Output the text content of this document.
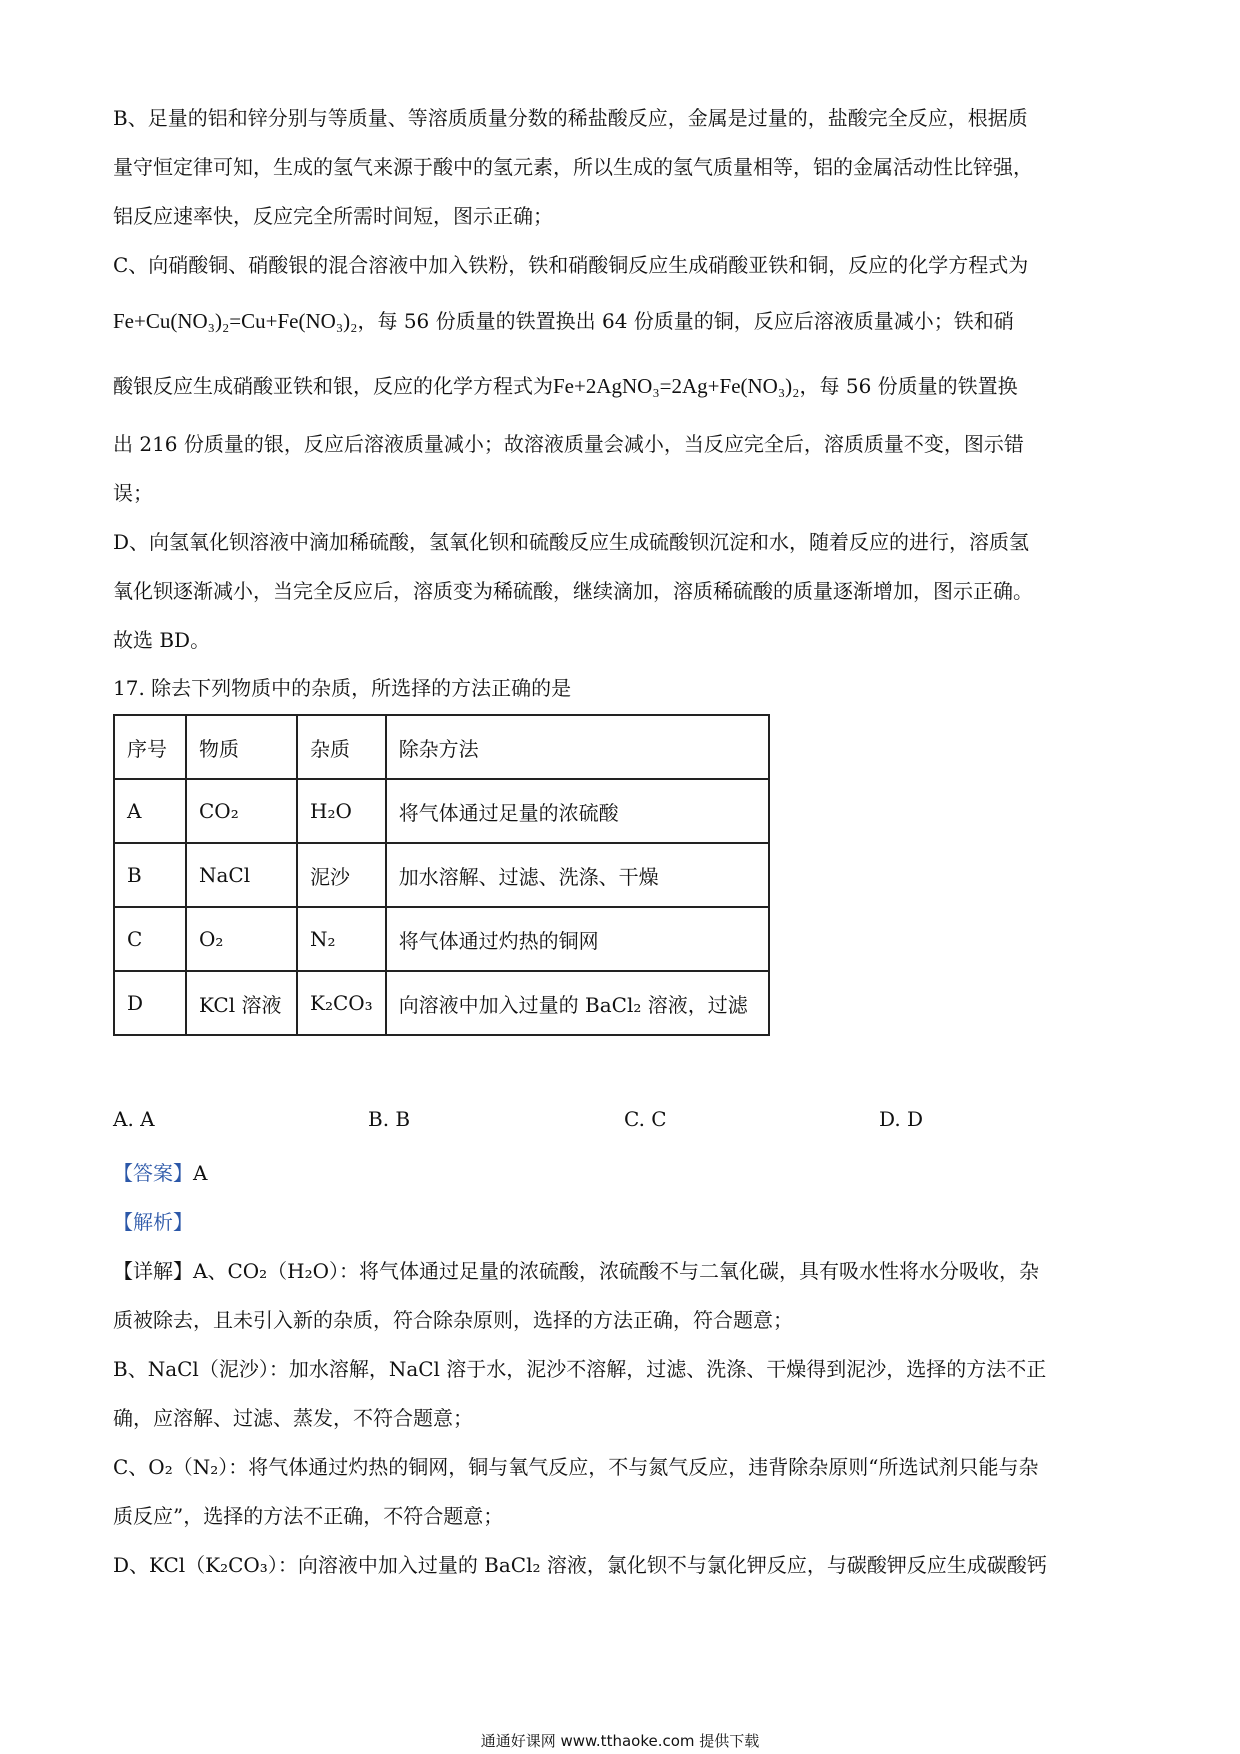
B、足量的铝和锌分别与等质量、等溶质质量分数的稀盐酸反应，金属是过量的，盐酸完全反应，根据质
量守恒定律可知，生成的氢气来源于酸中的氢元素，所以生成的氢气质量相等，铝的金属活动性比锌强，
铝反应速率快，反应完全所需时间短，图示正确；
C、向硝酸铜、硝酸银的混合溶液中加入铁粉，铁和硝酸铜反应生成硝酸亚铁和铜，反应的化学方程式为
Fe+Cu(NO₃)₂=Cu+Fe(NO₃)₂，每 56 份质量的铁置换出 64 份质量的铜，反应后溶液质量减小；铁和硝
酸银反应生成硝酸亚铁和银，反应的化学方程式为Fe+2AgNO₃=2Ag+Fe(NO₃)₂，每 56 份质量的铁置换
出 216 份质量的银，反应后溶液质量减小；故溶液质量会减小，当反应完全后，溶质质量不变，图示错
误；
D、向氢氧化钡溶液中滴加稀硫酸，氢氧化钡和硫酸反应生成硫酸钡沉淀和水，随着反应的进行，溶质氢
氧化钡逐渐减小，当完全反应后，溶质变为稀硫酸，继续滴加，溶质稀硫酸的质量逐渐增加，图示正确。
故选 BD。
17. 除去下列物质中的杂质，所选择的方法正确的是
序号	物质	杂质	除杂方法
A	CO₂	H₂O	将气体通过足量的浓硫酸
B	NaCl	泥沙	加水溶解、过滤、洗涤、干燥
C	O₂	N₂	将气体通过灼热的铜网
D	KCl 溶液	K₂CO₃	向溶液中加入过量的 BaCl₂ 溶液，过滤
A. A	B. B	C. C	D. D
【答案】A
【解析】
【详解】A、CO₂（H₂O）：将气体通过足量的浓硫酸，浓硫酸不与二氧化碳，具有吸水性将水分吸收，杂
质被除去，且未引入新的杂质，符合除杂原则，选择的方法正确，符合题意；
B、NaCl（泥沙）：加水溶解，NaCl 溶于水，泥沙不溶解，过滤、洗涤、干燥得到泥沙，选择的方法不正
确，应溶解、过滤、蒸发，不符合题意；
C、O₂（N₂）：将气体通过灼热的铜网，铜与氧气反应，不与氮气反应，违背除杂原则“所选试剂只能与杂
质反应”，选择的方法不正确，不符合题意；
D、KCl（K₂CO₃）：向溶液中加入过量的 BaCl₂ 溶液，氯化钡不与氯化钾反应，与碳酸钾反应生成碳酸钙
通通好课网 www.tthaoke.com 提供下载
